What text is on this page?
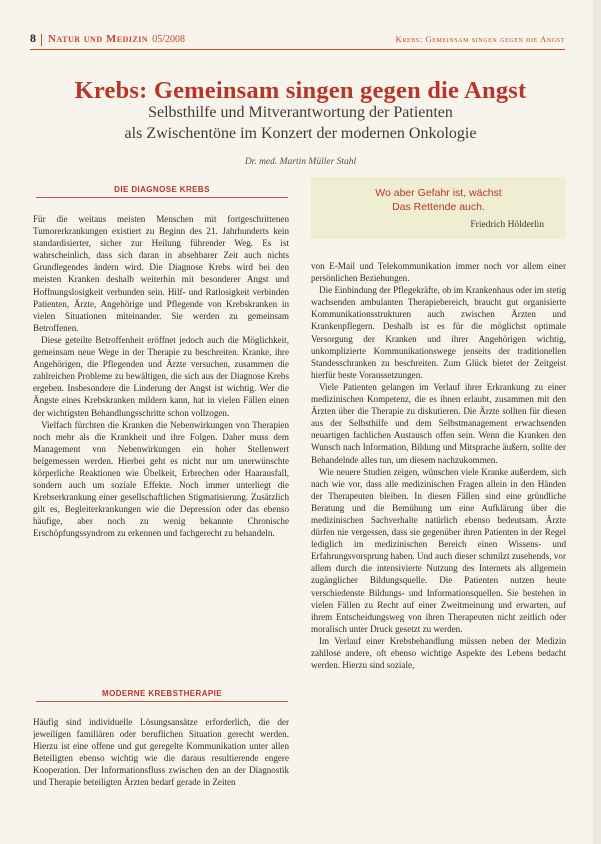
8 Natur und Medizin 05/2008	Krebs: Gemeinsam singen gegen die Angst
Krebs: Gemeinsam singen gegen die Angst
Selbsthilfe und Mitverantwortung der Patienten
als Zwischentöne im Konzert der modernen Onkologie
Dr. med. Martin Müller Stahl
DIE DIAGNOSE KREBS

Für die weitaus meisten Menschen mit fortgeschrittenen Tumorerkrankungen existiert zu Beginn des 21. Jahrhunderts kein standardisierter, sicher zur Heilung führender Weg. Es ist wahrscheinlich, dass sich daran in absehbarer Zeit auch nichts Grundlegendes ändern wird. Die Diagnose Krebs wird bei den meisten Kranken deshalb weiterhin mit besonderer Angst und Hoffnungslosigkeit verbunden sein. Hilf- und Ratlosigkeit verbinden Patienten, Ärzte, Angehörige und Pflegende von Krebskranken in vielen Situationen miteinander. Sie werden zu gemeinsam Betroffenen.

Diese geteilte Betroffenheit eröffnet jedoch auch die Möglichkeit, gemeinsam neue Wege in der Therapie zu beschreiten. Kranke, ihre Angehörigen, die Pflegenden und Ärzte versuchen, zusammen die zahlreichen Probleme zu bewältigen, die sich aus der Diagnose Krebs ergeben. Insbesondere die Linderung der Angst ist wichtig. Wer die Ängste eines Krebskranken mildern kann, hat in vielen Fällen einen der wichtigsten Behandlungsschritte schon vollzogen.

Vielfach fürchten die Kranken die Nebenwirkungen von Therapien noch mehr als die Krankheit und ihre Folgen. Daher muss dem Management von Nebenwirkungen ein hoher Stellenwert beigemessen werden. Hierbei geht es nicht nur um unerwünschte körperliche Reaktionen wie Übelkeit, Erbrechen oder Haarausfall, sondern auch um soziale Effekte. Noch immer unterliegt die Krebserkrankung einer gesellschaftlichen Stigmatisierung. Zusätzlich gilt es, Begleiterkrankungen wie die Depression oder das ebenso häufige, aber noch zu wenig bekannte Chronische Erschöpfungssyndrom zu erkennen und fachgerecht zu behandeln.

MODERNE KREBSTHERAPIE

Häufig sind individuelle Lösungsansätze erforderlich, die der jeweiligen familiären oder beruflichen Situation gerecht werden. Hierzu ist eine offene und gut geregelte Kommunikation unter allen Beteiligten ebenso wichtig wie die daraus resultierende engere Kooperation. Der Informationsfluss zwischen den an der Diagnostik und Therapie beteiligten Ärzten bedarf gerade in Zeiten

Wo aber Gefahr ist, wächst
Das Rettende auch.
Friedrich Hölderlin

von E-Mail und Telekommunikation immer noch vor allem einer persönlichen Beziehungen.

Die Einbindung der Pflegekräfte, ob im Krankenhaus oder im stetig wachsenden ambulanten Therapiebereich, braucht gut organisierte Kommunikationsstrukturen auch zwischen Ärzten und Krankenpflegern. Deshalb ist es für die möglichst optimale Versorgung der Kranken und ihrer Angehörigen wichtig, unkomplizierte Kommunikationswege jenseits der traditionellen Standesschranken zu beschreiten. Zum Glück bietet der Zeitgeist hierfür beste Voraussetzungen.

Viele Patienten gelangen im Verlauf ihrer Erkrankung zu einer medizinischen Kompetenz, die es ihnen erlaubt, zusammen mit den Ärzten über die Therapie zu diskutieren. Die Ärzte sollten für diesen aus der Selbsthilfe und dem Selbstmanagement erwachsenden neuartigen fachlichen Austausch offen sein. Wenn die Kranken den Wunsch nach Information, Bildung und Mitsprache äußern, sollte der Behandelnde alles tun, um diesem nachzukommen.

Wie neuere Studien zeigen, wünschen viele Kranke außerdem, sich nach wie vor, dass alle medizinischen Fragen allein in den Händen der Therapeuten bleiben. In diesen Fällen sind eine gründliche Beratung und die Bemühung um eine Aufklärung über die medizinischen Sachverhalte natürlich ebenso bedeutsam. Ärzte dürfen nie vergessen, dass sie gegenüber ihren Patienten in der Regel lediglich im medizinischen Bereich einen Wissens- und Erfahrungsvorsprung haben. Und auch dieser schmilzt zusehends, vor allem durch die intensivierte Nutzung des Internets als allgemein zugänglicher Bildungsquelle. Die Patienten nutzen heute verschiedenste Bildungs- und Informationsquellen. Sie bestehen in vielen Fällen zu Recht auf einer Zweitmeinung und erwarten, auf ihrem Entscheidungsweg von ihren Therapeuten nicht zeitlich oder moralisch unter Druck gesetzt zu werden.

Im Verlauf einer Krebsbehandlung müssen neben der Medizin zahllose andere, oft ebenso wichtige Aspekte des Lebens bedacht werden. Hierzu sind soziale,
